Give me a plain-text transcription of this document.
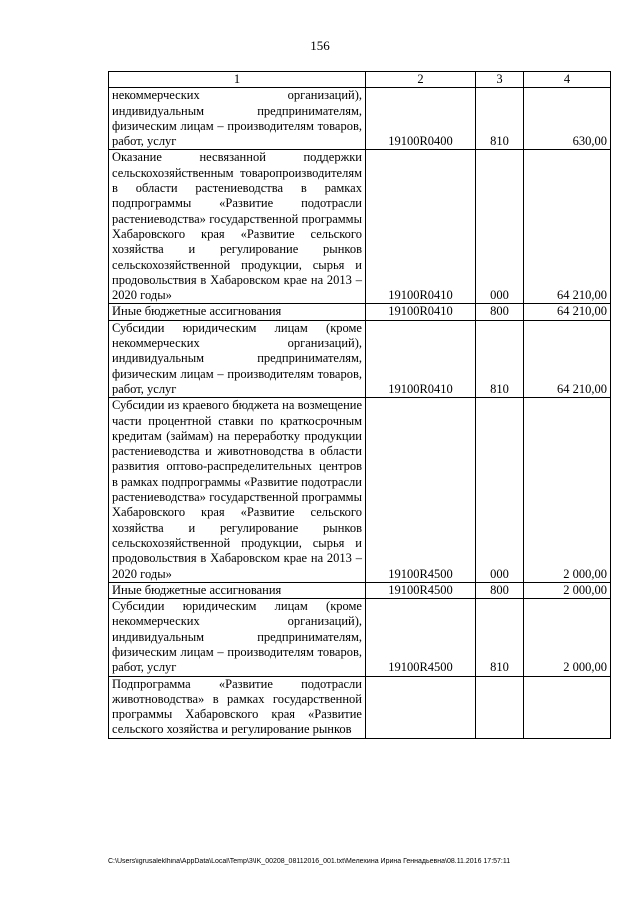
156
1	2	3	4
некоммерческих организаций), индивидуальным предпринимателям, физическим лицам – производителям товаров, работ, услуг	19100R0400	810	630,00
Оказание несвязанной поддержки сельскохозяйственным товаропроизводителям в области растениеводства в рамках подпрограммы «Развитие подотрасли растениеводства» государственной программы Хабаровского края «Развитие сельского хозяйства и регулирование рынков сельскохозяйственной продукции, сырья и продовольствия в Хабаровском крае на 2013 – 2020 годы»	19100R0410	000	64 210,00
Иные бюджетные ассигнования	19100R0410	800	64 210,00
Субсидии юридическим лицам (кроме некоммерческих организаций), индивидуальным предпринимателям, физическим лицам – производителям товаров, работ, услуг	19100R0410	810	64 210,00
Субсидии из краевого бюджета на возмещение части процентной ставки по краткосрочным кредитам (займам) на переработку продукции растениеводства и животноводства в области развития оптово-распределительных центров в рамках подпрограммы «Развитие подотрасли растениеводства» государственной программы Хабаровского края «Развитие сельского хозяйства и регулирование рынков сельскохозяйственной продукции, сырья и продовольствия в Хабаровском крае на 2013 – 2020 годы»	19100R4500	000	2 000,00
Иные бюджетные ассигнования	19100R4500	800	2 000,00
Субсидии юридическим лицам (кроме некоммерческих организаций), индивидуальным предпринимателям, физическим лицам – производителям товаров, работ, услуг	19100R4500	810	2 000,00
Подпрограмма «Развитие подотрасли животноводства» в рамках государственной программы Хабаровского края «Развитие сельского хозяйства и регулирование рынков			
C:\Users\igrusaleklhina\AppData\Local\Temp\3\IK_00208_08112016_001.txt\Мелехина Ирина Геннадьевна\08.11.2016 17:57:11
